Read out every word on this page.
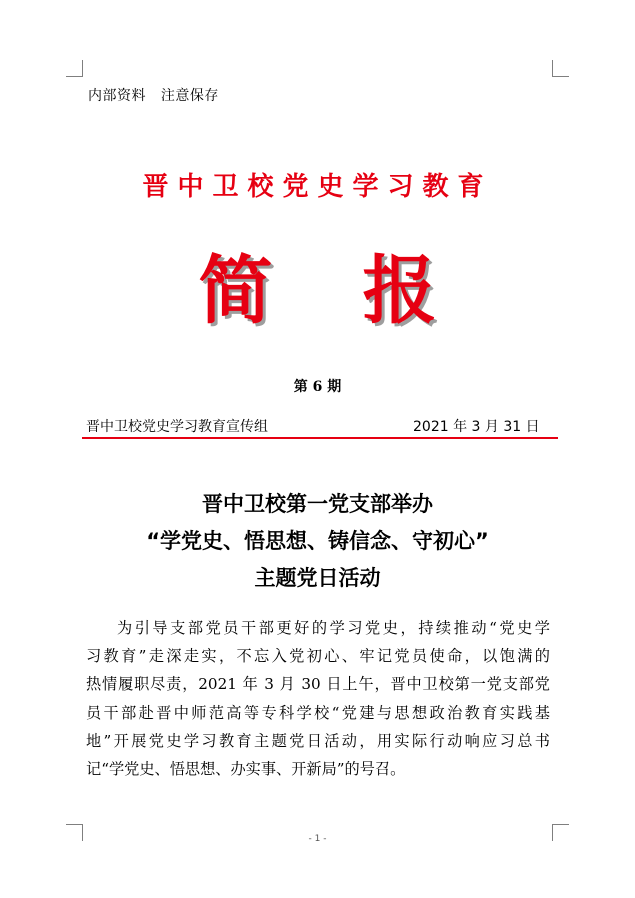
内部资料   注意保存
晋中卫校党史学习教育
简报
第 6 期
晋中卫校党史学习教育宣传组	2021 年 3 月 31 日
晋中卫校第一党支部举办
“学党史、悟思想、铸信念、守初心”
主题党日活动
为引导支部党员干部更好的学习党史，持续推动“党史学
习教育”走深走实，不忘入党初心、牢记党员使命，以饱满的
热情履职尽责，2021 年 3 月 30 日上午，晋中卫校第一党支部党
员干部赴晋中师范高等专科学校“党建与思想政治教育实践基
地”开展党史学习教育主题党日活动，用实际行动响应习总书
记“学党史、悟思想、办实事、开新局”的号召。
- 1 -
